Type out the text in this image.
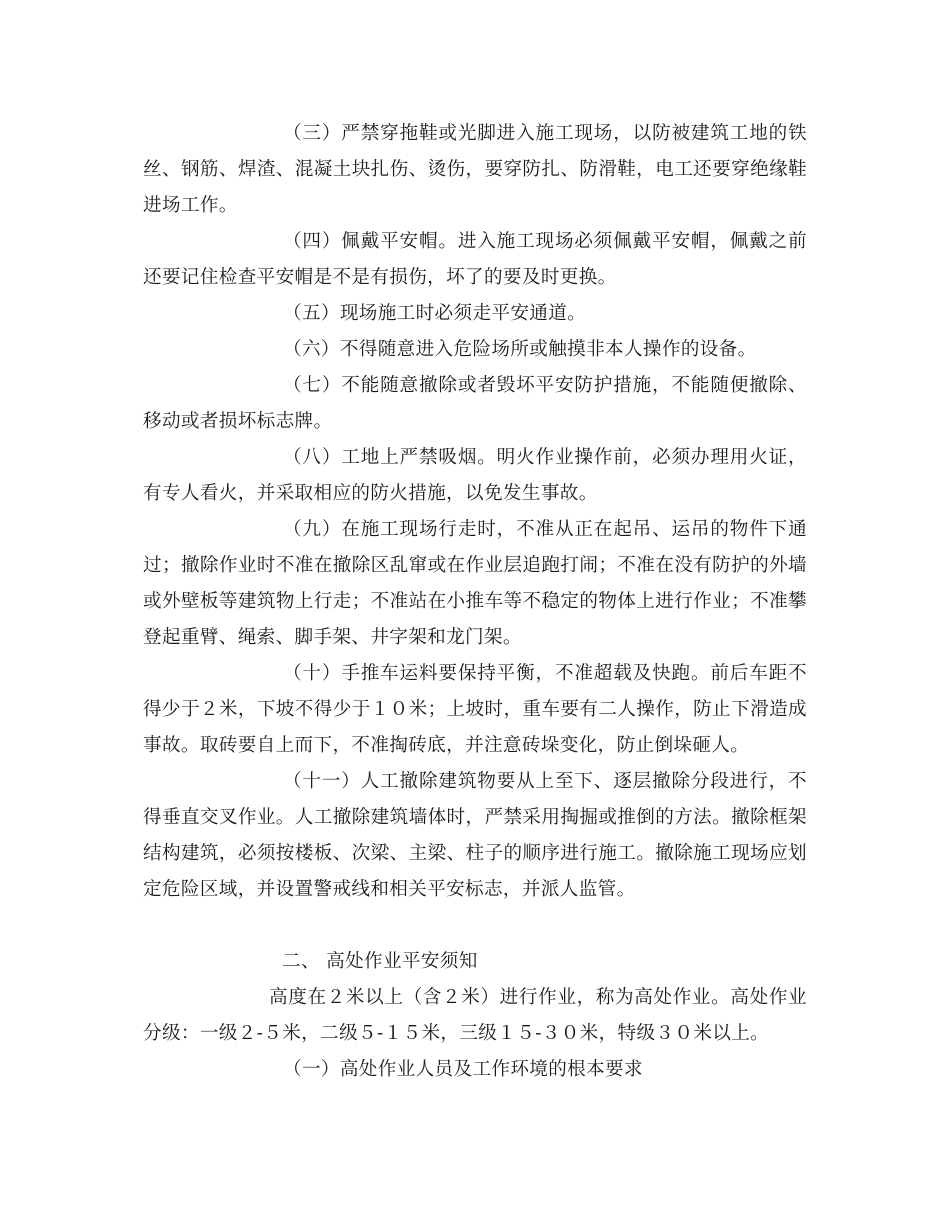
（三）严禁穿拖鞋或光脚进入施工现场，以防被建筑工地的铁丝、钢筋、焊渣、混凝土块扎伤、烫伤，要穿防扎、防滑鞋，电工还要穿绝缘鞋进场工作。

（四）佩戴平安帽。进入施工现场必须佩戴平安帽，佩戴之前还要记住检查平安帽是不是有损伤，坏了的要及时更换。

（五）现场施工时必须走平安通道。

（六）不得随意进入危险场所或触摸非本人操作的设备。

（七）不能随意撤除或者毁坏平安防护措施，不能随便撤除、移动或者损坏标志牌。

（八）工地上严禁吸烟。明火作业操作前，必须办理用火证，有专人看火，并采取相应的防火措施，以免发生事故。

（九）在施工现场行走时，不准从正在起吊、运吊的物件下通过；撤除作业时不准在撤除区乱窜或在作业层追跑打闹；不准在没有防护的外墙或外壁板等建筑物上行走；不准站在小推车等不稳定的物体上进行作业；不准攀登起重臂、绳索、脚手架、井字架和龙门架。

（十）手推车运料要保持平衡，不准超载及快跑。前后车距不得少于２米，下坡不得少于１０米；上坡时，重车要有二人操作，防止下滑造成事故。取砖要自上而下，不准掏砖底，并注意砖垛变化，防止倒垛砸人。

（十一）人工撤除建筑物要从上至下、逐层撤除分段进行，不得垂直交叉作业。人工撤除建筑墙体时，严禁采用掏掘或推倒的方法。撤除框架结构建筑，必须按楼板、次梁、主梁、柱子的顺序进行施工。撤除施工现场应划定危险区域，并设置警戒线和相关平安标志，并派人监管。

二、 高处作业平安须知

高度在２米以上（含２米）进行作业，称为高处作业。高处作业分级：一级２-５米，二级５-１５米，三级１５-３０米，特级３０米以上。

（一）高处作业人员及工作环境的根本要求
